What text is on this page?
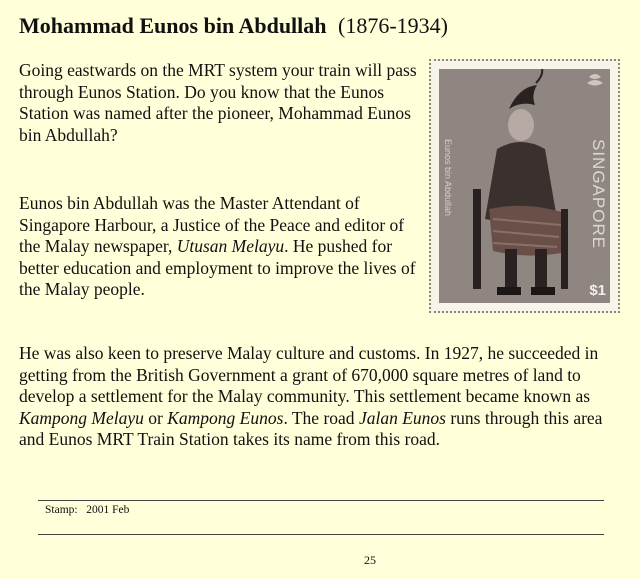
Mohammad Eunos bin Abdullah (1876-1934)
Going eastwards on the MRT system your train will pass through Eunos Station. Do you know that the Eunos Station was named after the pioneer, Mohammad Eunos bin Abdullah?
Eunos bin Abdullah was the Master Attendant of Singapore Harbour, a Justice of the Peace and editor of the Malay newspaper, Utusan Melayu. He pushed for better education and employment to improve the lives of the Malay people.
Eunos bin Abdullah	SINGAPORE
$1
He was also keen to preserve Malay culture and customs. In 1927, he succeeded in getting from the British Government a grant of 670,000 square metres of land to develop a settlement for the Malay community. This settlement became known as Kampong Melayu or Kampong Eunos. The road Jalan Eunos runs through this area and Eunos MRT Train Station takes its name from this road.
Stamp:   2001 Feb
25
